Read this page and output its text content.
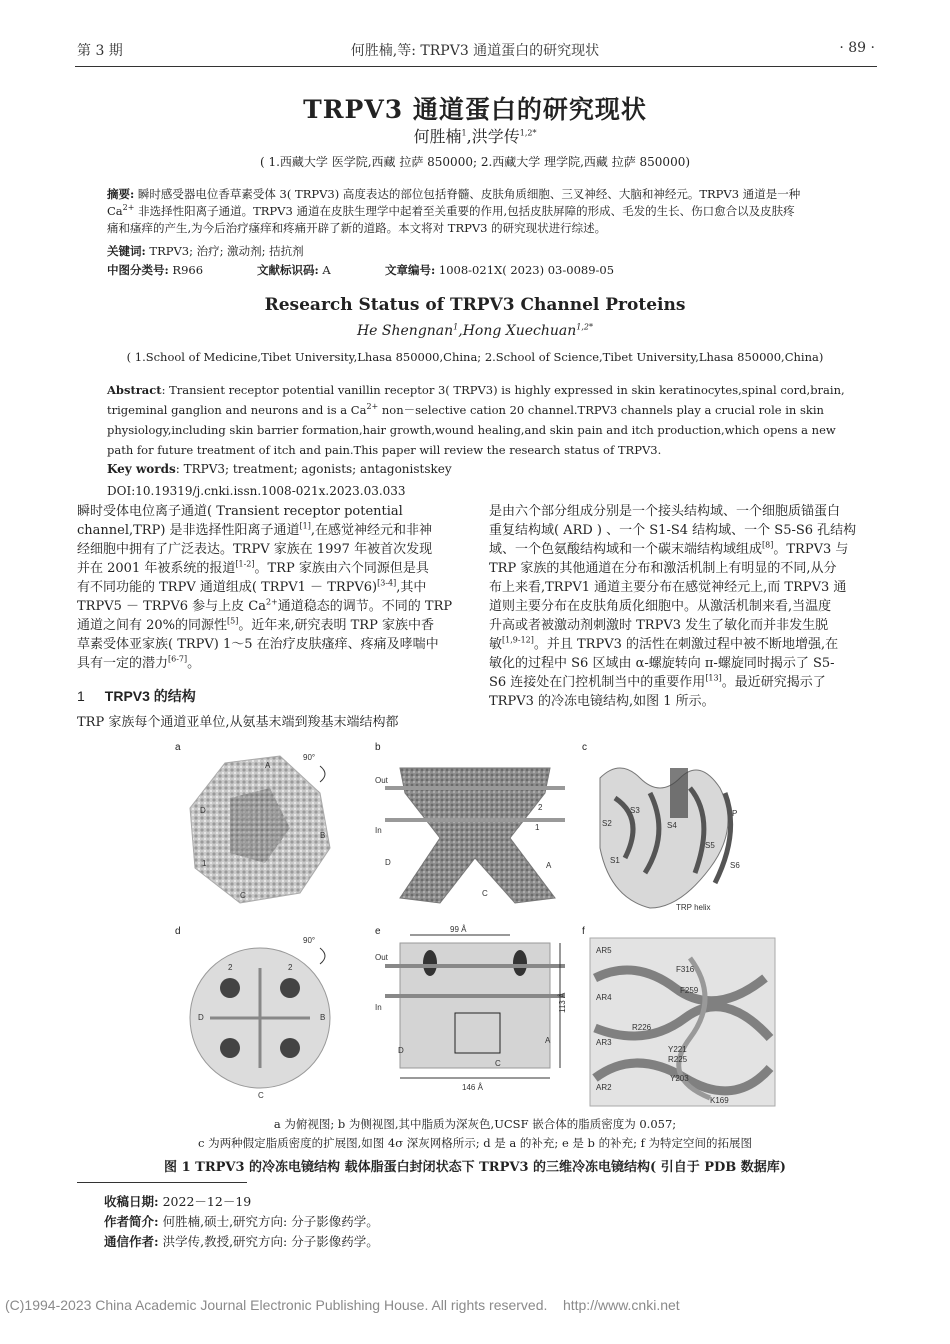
第 3 期	何胜楠,等: TRPV3 通道蛋白的研究现状	· 89 ·
TRPV3 通道蛋白的研究现状
何胜楠$^1$,洪学传$^{1,2*}$
( 1.西藏大学 医学院,西藏 拉萨 850000; 2.西藏大学 理学院,西藏 拉萨 850000)
摘要: 瞬时感受器电位香草素受体 3( TRPV3) 高度表达的部位包括脊髓、皮肤角质细胞、三叉神经、大脑和神经元。TRPV3 通道是一种
$Ca^{2+}$ 非选择性阳离子通道。TRPV3 通道在皮肤生理学中起着至关重要的作用,包括皮肤屏障的形成、毛发的生长、伤口愈合以及皮肤疼
痛和瘙痒的产生,为今后治疗瘙痒和疼痛开辟了新的道路。本文将对 TRPV3 的研究现状进行综述。
关键词: TRPV3; 治疗; 激动剂; 拮抗剂
中图分类号: R966	文献标识码: A	文章编号: 1008-021X( 2023) 03-0089-05
Research Status of TRPV3 Channel Proteins
He Shengnan$^1$,Hong Xuechuan$^{1,2*}$
( 1.School of Medicine,Tibet University,Lhasa 850000,China; 2.School of Science,Tibet University,Lhasa 850000,China)
Abstract: Transient receptor potential vanillin receptor 3( TRPV3) is highly expressed in skin keratinocytes,spinal cord,brain,
trigeminal ganglion and neurons and is a $Ca^{2+}$ non－selective cation 20 channel.TRPV3 channels play a crucial role in skin
physiology,including skin barrier formation,hair growth,wound healing,and skin pain and itch production,which opens a new
path for future treatment of itch and pain.This paper will review the research status of TRPV3.
Key words: TRPV3; treatment; agonists; antagonistskey
DOI:10.19319/j.cnki.issn.1008-021x.2023.03.033
瞬时受体电位离子通道( Transient receptor potential
channel,TRP) 是非选择性阳离子通道[1],在感觉神经元和非神
经细胞中拥有了广泛表达。TRPV 家族在 1997 年被首次发现
并在 2001 年被系统的报道[1-2]。TRP 家族由六个同源但是具
有不同功能的 TRPV 通道组成( TRPV1 － TRPV6)[3-4],其中
TRPV5 － TRPV6 参与上皮 $Ca^{2+}$通道稳态的调节。不同的 TRP
通道之间有 20%的同源性[5]。近年来,研究表明 TRP 家族中香
草素受体亚家族( TRPV) 1～5 在治疗皮肤瘙痒、疼痛及哮喘中
具有一定的潜力[6-7]。
1 TRPV3 的结构
TRP 家族每个通道亚单位,从氨基末端到羧基末端结构都
是由六个部分组成分别是一个接头结构域、一个细胞质锚蛋白
重复结构域( ARD ) 、一个 S1-S4 结构域、一个 S5-S6 孔结构
域、一个色氨酸结构域和一个碳末端结构域组成[8]。TRPV3 与
TRP 家族的其他通道在分布和激活机制上有明显的不同,从分
布上来看,TRPV1 通道主要分布在感觉神经元上,而 TRPV3 通
道则主要分布在皮肤角质化细胞中。从激活机制来看,当温度
升高或者被激动剂刺激时 TRPV3 发生了敏化而并非发生脱
敏[1,9-12]。并且 TRPV3 的活性在刺激过程中被不断地增强,在
敏化的过程中 S6 区域由 α-螺旋转向 π-螺旋同时揭示了 S5-
S6 连接处在门控机制当中的重要作用[13]。最近研究揭示了
TRPV3 的冷冻电镜结构,如图 1 所示。
a
90°
D
A
B
C
1
b
Out
In
2
1
D	A
C
c
S2
S3
S4
S5
S6
S1
P
TRP helix
d
90°
2	2
D	B
C
e	99 Å
Out
In	113 Å
146 Å
D
A
C
f
AR5
AR4
AR3
AR2
F316
F259
R226
Y221
R225
Y203
K169
a 为俯视图; b 为侧视图,其中脂质为深灰色,UCSF 嵌合体的脂质密度为 0.057;
c 为两种假定脂质密度的扩展图,如图 4σ 深灰网格所示; d 是 a 的补充; e 是 b 的补充; f 为特定空间的拓展图
图 1 TRPV3 的冷冻电镜结构 载体脂蛋白封闭状态下 TRPV3 的三维冷冻电镜结构( 引自于 PDB 数据库)
收稿日期: 2022－12－19
作者简介: 何胜楠,硕士,研究方向: 分子影像药学。
通信作者: 洪学传,教授,研究方向: 分子影像药学。
(C)1994-2023 China Academic Journal Electronic Publishing House. All rights reserved.    http://www.cnki.net
